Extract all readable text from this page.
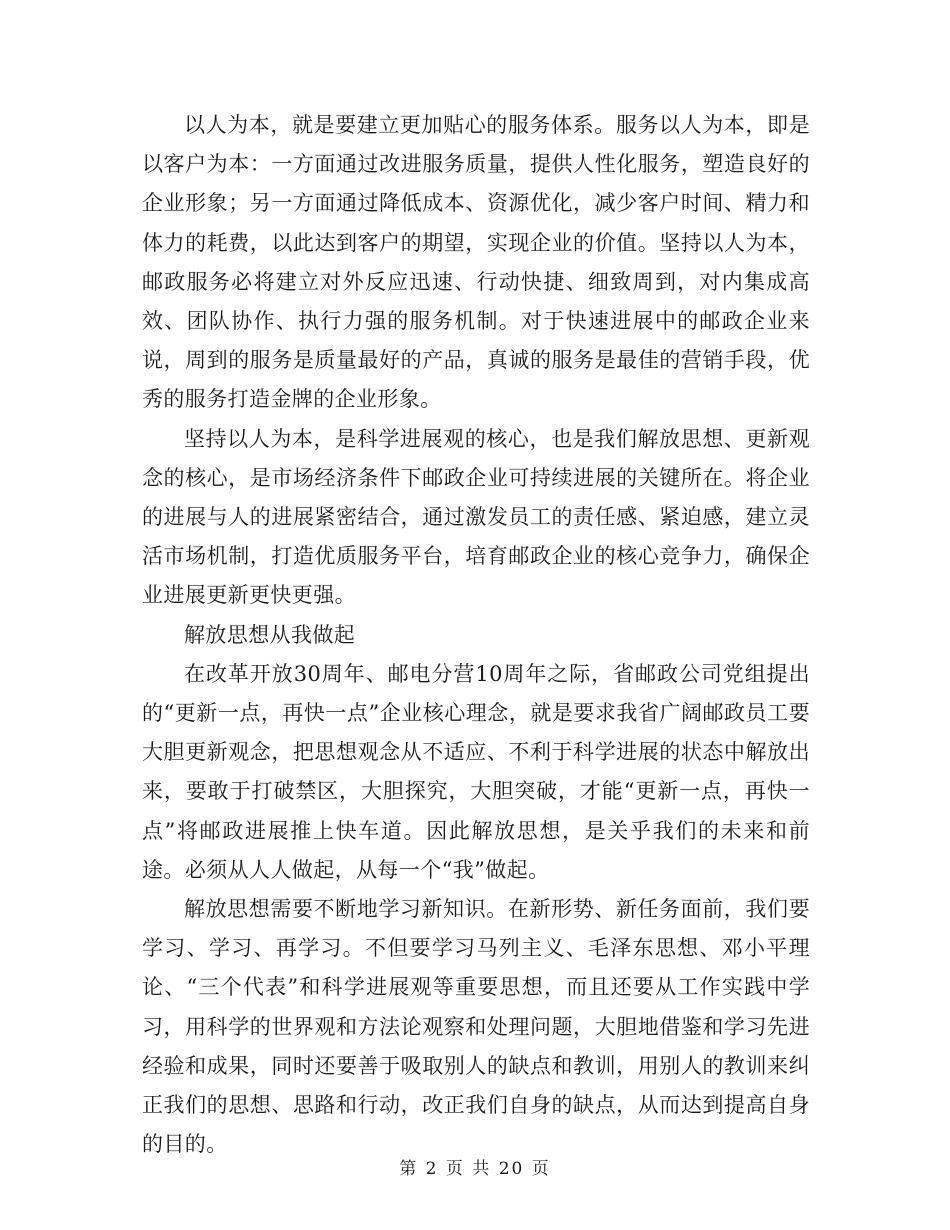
以人为本，就是要建立更加贴心的服务体系。服务以人为本，即是以客户为本：一方面通过改进服务质量，提供人性化服务，塑造良好的企业形象；另一方面通过降低成本、资源优化，减少客户时间、精力和体力的耗费，以此达到客户的期望，实现企业的价值。坚持以人为本，邮政服务必将建立对外反应迅速、行动快捷、细致周到，对内集成高效、团队协作、执行力强的服务机制。对于快速进展中的邮政企业来说，周到的服务是质量最好的产品，真诚的服务是最佳的营销手段，优秀的服务打造金牌的企业形象。

坚持以人为本，是科学进展观的核心，也是我们解放思想、更新观念的核心，是市场经济条件下邮政企业可持续进展的关键所在。将企业的进展与人的进展紧密结合，通过激发员工的责任感、紧迫感，建立灵活市场机制，打造优质服务平台，培育邮政企业的核心竞争力，确保企业进展更新更快更强。

解放思想从我做起

在改革开放30周年、邮电分营10周年之际，省邮政公司党组提出的“更新一点，再快一点”企业核心理念，就是要求我省广阔邮政员工要大胆更新观念，把思想观念从不适应、不利于科学进展的状态中解放出来，要敢于打破禁区，大胆探究，大胆突破，才能“更新一点，再快一点”将邮政进展推上快车道。因此解放思想，是关乎我们的未来和前途。必须从人人做起，从每一个“我”做起。

解放思想需要不断地学习新知识。在新形势、新任务面前，我们要学习、学习、再学习。不但要学习马列主义、毛泽东思想、邓小平理论、“三个代表”和科学进展观等重要思想，而且还要从工作实践中学习，用科学的世界观和方法论观察和处理问题，大胆地借鉴和学习先进经验和成果，同时还要善于吸取别人的缺点和教训，用别人的教训来纠正我们的思想、思路和行动，改正我们自身的缺点，从而达到提高自身的目的。

第 2 页 共 20 页
